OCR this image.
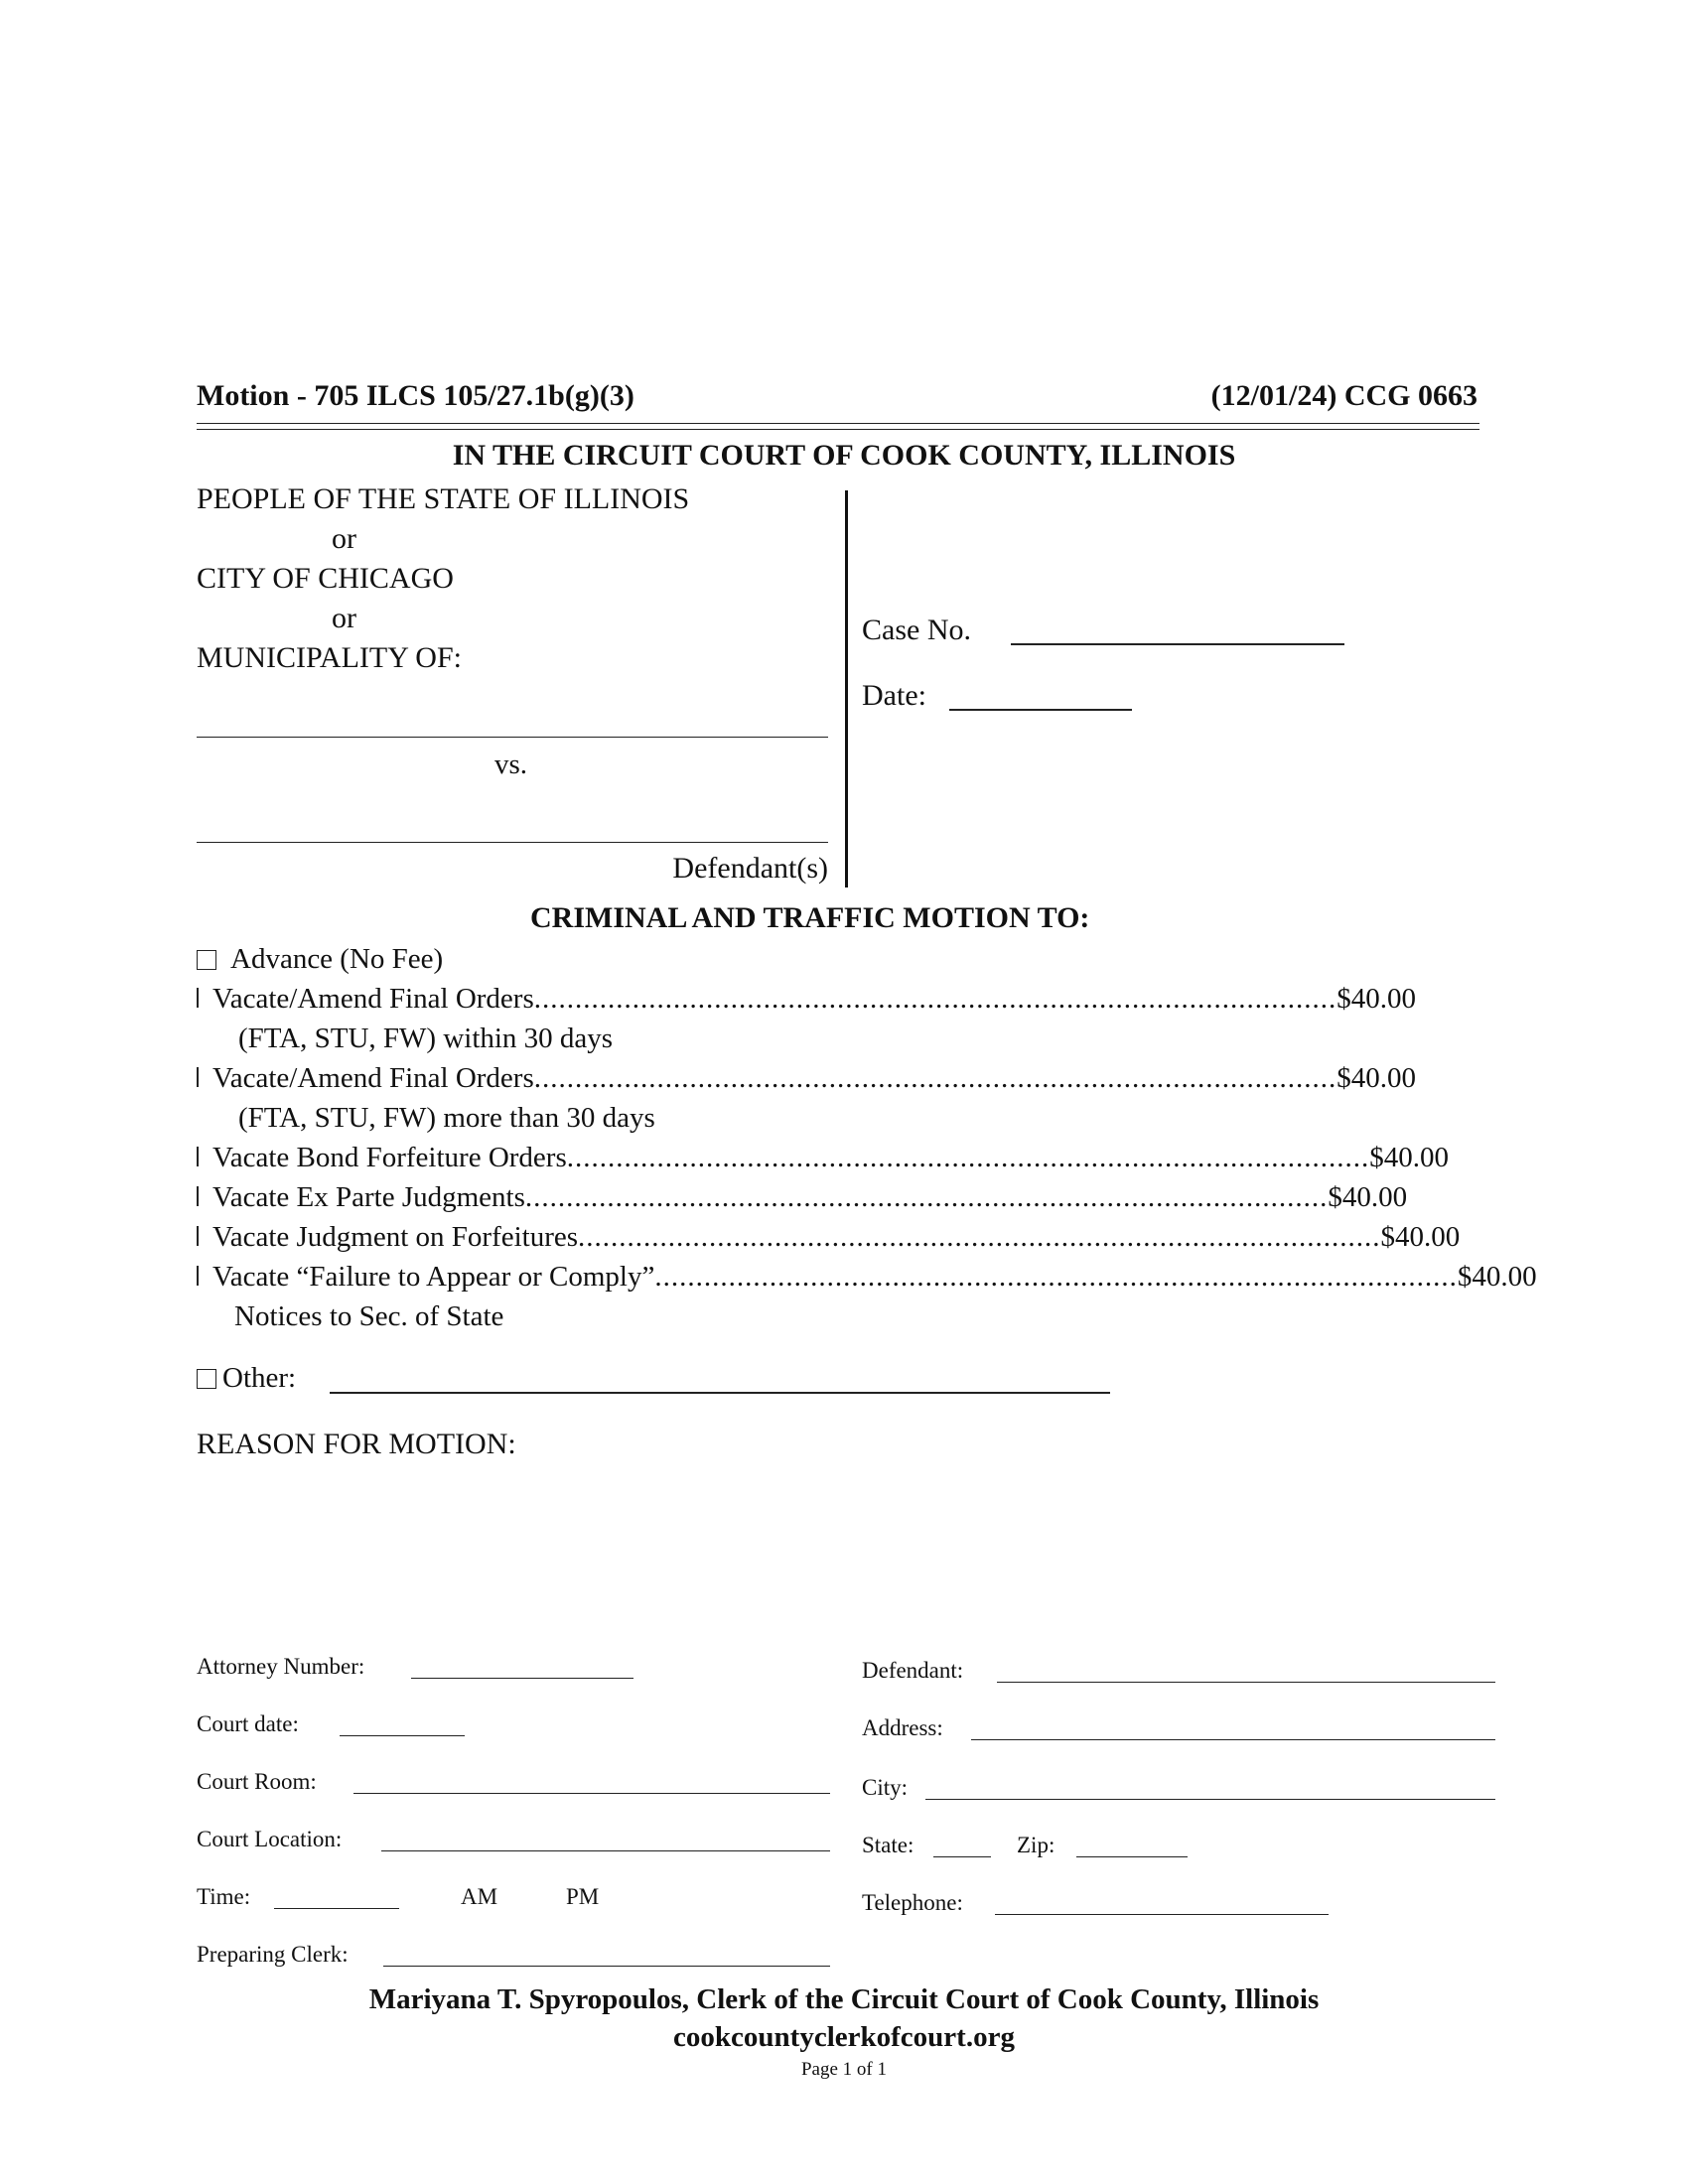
Motion - 705 ILCS 105/27.1b(g)(3)	(12/01/24) CCG 0663
IN THE CIRCUIT COURT OF COOK COUNTY, ILLINOIS
PEOPLE OF THE STATE OF ILLINOIS
or
CITY OF CHICAGO
or
MUNICIPALITY OF:
vs.
Defendant(s)
Case No.
Date:
CRIMINAL AND TRAFFIC MOTION TO:
Advance (No Fee)
Vacate/Amend Final Orders .................................................................................................. $40.00
(FTA, STU, FW) within 30 days
Vacate/Amend Final Orders .................................................................................................. $40.00
(FTA, STU, FW) more than 30 days
Vacate Bond Forfeiture Orders .................................................................................................. $40.00
Vacate Ex Parte Judgments .................................................................................................. $40.00
Vacate Judgment on Forfeitures .................................................................................................. $40.00
Vacate “Failure to Appear or Comply” .................................................................................................. $40.00
Notices to Sec. of State
Other:
REASON FOR MOTION:
Attorney Number:
Court date:
Court Room:
Court Location:
Time:	AM	PM
Preparing Clerk:
Defendant:
Address:
City:
State:	Zip:
Telephone:
Mariyana T. Spyropoulos, Clerk of the Circuit Court of Cook County, Illinois
cookcountyclerkofcourt.org
Page 1 of 1
